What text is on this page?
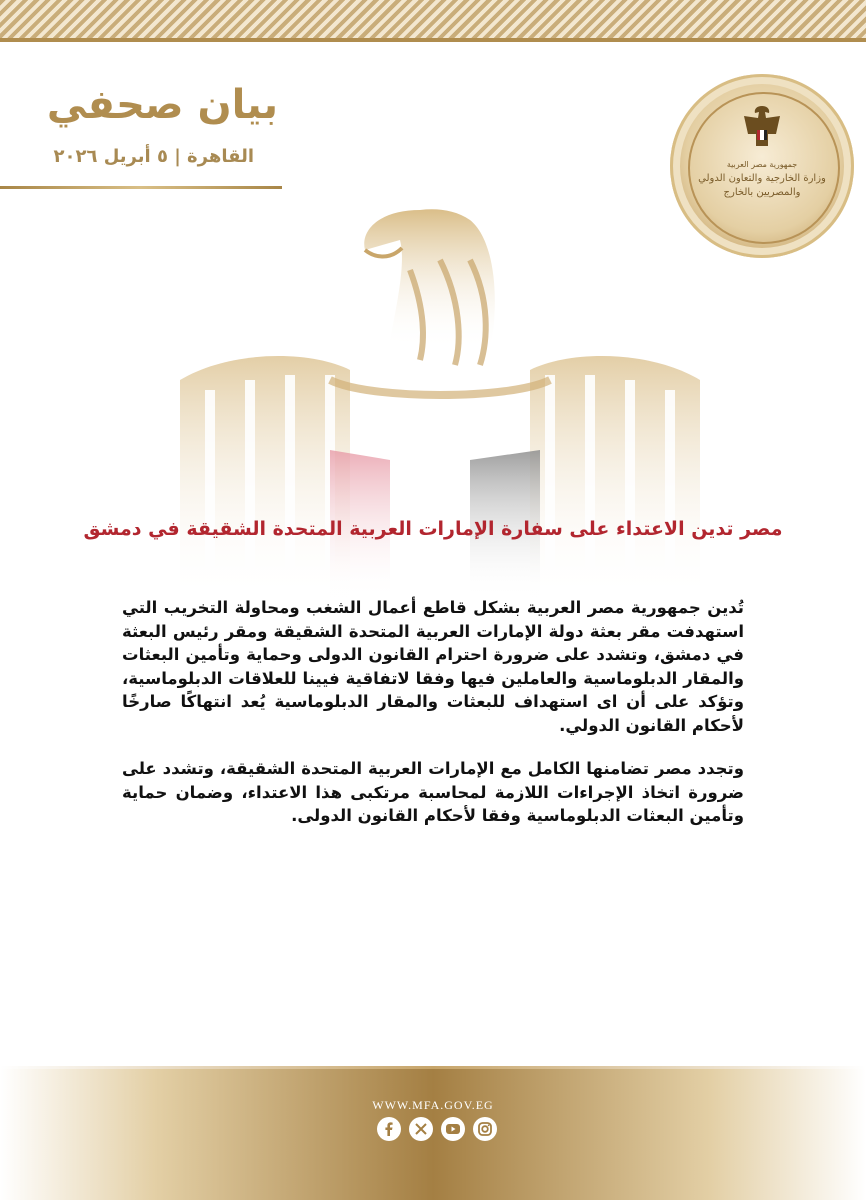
بيان صحفي
القاهرة | ٥ أبريل ٢٠٢٦	جمهورية مصر العربية
وزارة الخارجية والتعاون الدولي
والمصريين بالخارج
مصر تدين الاعتداء على سفارة الإمارات العربية المتحدة الشقيقة في دمشق

تُدين جمهورية مصر العربية بشكل قاطع أعمال الشغب ومحاولة التخريب التي استهدفت مقر بعثة دولة الإمارات العربية المتحدة الشقيقة ومقر رئيس البعثة في دمشق، وتشدد على ضرورة احترام القانون الدولى وحماية وتأمين البعثات والمقار الدبلوماسية والعاملين فيها وفقا لاتفاقية فيينا للعلاقات الدبلوماسية، وتؤكد على أن اى استهداف للبعثات والمقار الدبلوماسية يُعد انتهاكًا صارخًا لأحكام القانون الدولي.

وتجدد مصر تضامنها الكامل مع الإمارات العربية المتحدة الشقيقة، وتشدد على ضرورة اتخاذ الإجراءات اللازمة لمحاسبة مرتكبى هذا الاعتداء، وضمان حماية وتأمين البعثات الدبلوماسية وفقا لأحكام القانون الدولى.

WWW.MFA.GOV.EG
